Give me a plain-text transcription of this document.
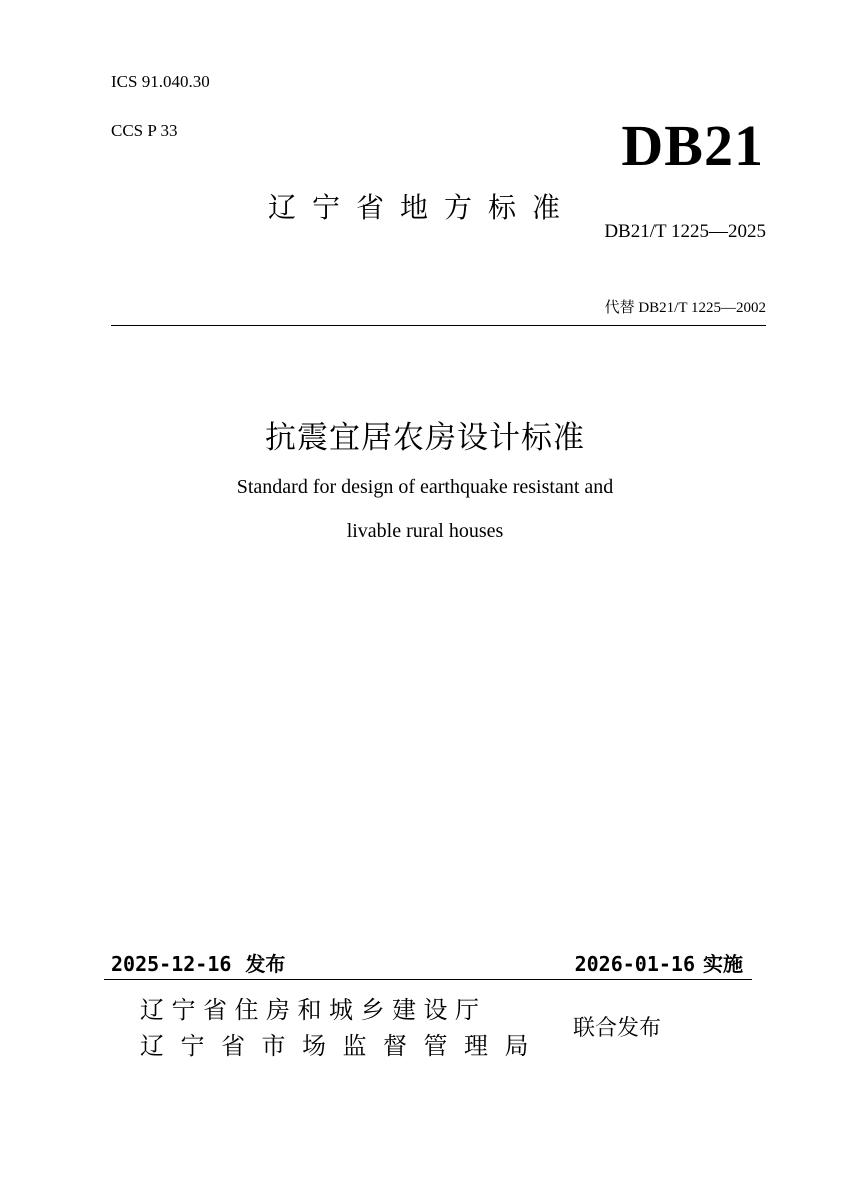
ICS 91.040.30
CCS P 33	DB21
辽宁省地方标准
DB21/T 1225—2025
代替 DB21/T 1225—2002
抗震宜居农房设计标准
Standard for design of earthquake resistant and
livable rural houses
2025-12-16 发布	2026-01-16 实施
辽宁省住房和城乡建设厅
辽宁省市场监督管理局
联合发布
